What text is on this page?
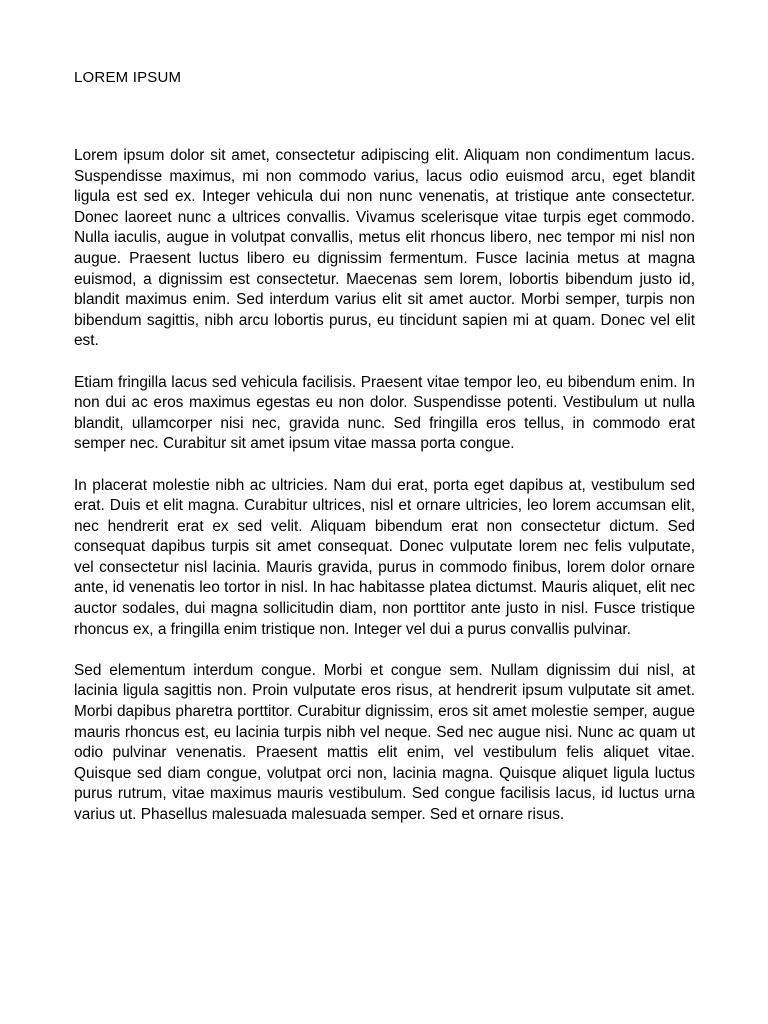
LOREM IPSUM

Lorem ipsum dolor sit amet, consectetur adipiscing elit. Aliquam non condimentum lacus. Suspendisse maximus, mi non commodo varius, lacus odio euismod arcu, eget blandit ligula est sed ex. Integer vehicula dui non nunc venenatis, at tristique ante consectetur. Donec laoreet nunc a ultrices convallis. Vivamus scelerisque vitae turpis eget commodo. Nulla iaculis, augue in volutpat convallis, metus elit rhoncus libero, nec tempor mi nisl non augue. Praesent luctus libero eu dignissim fermentum. Fusce lacinia metus at magna euismod, a dignissim est consectetur. Maecenas sem lorem, lobortis bibendum justo id, blandit maximus enim. Sed interdum varius elit sit amet auctor. Morbi semper, turpis non bibendum sagittis, nibh arcu lobortis purus, eu tincidunt sapien mi at quam. Donec vel elit est.

Etiam fringilla lacus sed vehicula facilisis. Praesent vitae tempor leo, eu bibendum enim. In non dui ac eros maximus egestas eu non dolor. Suspendisse potenti. Vestibulum ut nulla blandit, ullamcorper nisi nec, gravida nunc. Sed fringilla eros tellus, in commodo erat semper nec. Curabitur sit amet ipsum vitae massa porta congue.

In placerat molestie nibh ac ultricies. Nam dui erat, porta eget dapibus at, vestibulum sed erat. Duis et elit magna. Curabitur ultrices, nisl et ornare ultricies, leo lorem accumsan elit, nec hendrerit erat ex sed velit. Aliquam bibendum erat non consectetur dictum. Sed consequat dapibus turpis sit amet consequat. Donec vulputate lorem nec felis vulputate, vel consectetur nisl lacinia. Mauris gravida, purus in commodo finibus, lorem dolor ornare ante, id venenatis leo tortor in nisl. In hac habitasse platea dictumst. Mauris aliquet, elit nec auctor sodales, dui magna sollicitudin diam, non porttitor ante justo in nisl. Fusce tristique rhoncus ex, a fringilla enim tristique non. Integer vel dui a purus convallis pulvinar.

Sed elementum interdum congue. Morbi et congue sem. Nullam dignissim dui nisl, at lacinia ligula sagittis non. Proin vulputate eros risus, at hendrerit ipsum vulputate sit amet. Morbi dapibus pharetra porttitor. Curabitur dignissim, eros sit amet molestie semper, augue mauris rhoncus est, eu lacinia turpis nibh vel neque. Sed nec augue nisi. Nunc ac quam ut odio pulvinar venenatis. Praesent mattis elit enim, vel vestibulum felis aliquet vitae. Quisque sed diam congue, volutpat orci non, lacinia magna. Quisque aliquet ligula luctus purus rutrum, vitae maximus mauris vestibulum. Sed congue facilisis lacus, id luctus urna varius ut. Phasellus malesuada malesuada semper. Sed et ornare risus.
